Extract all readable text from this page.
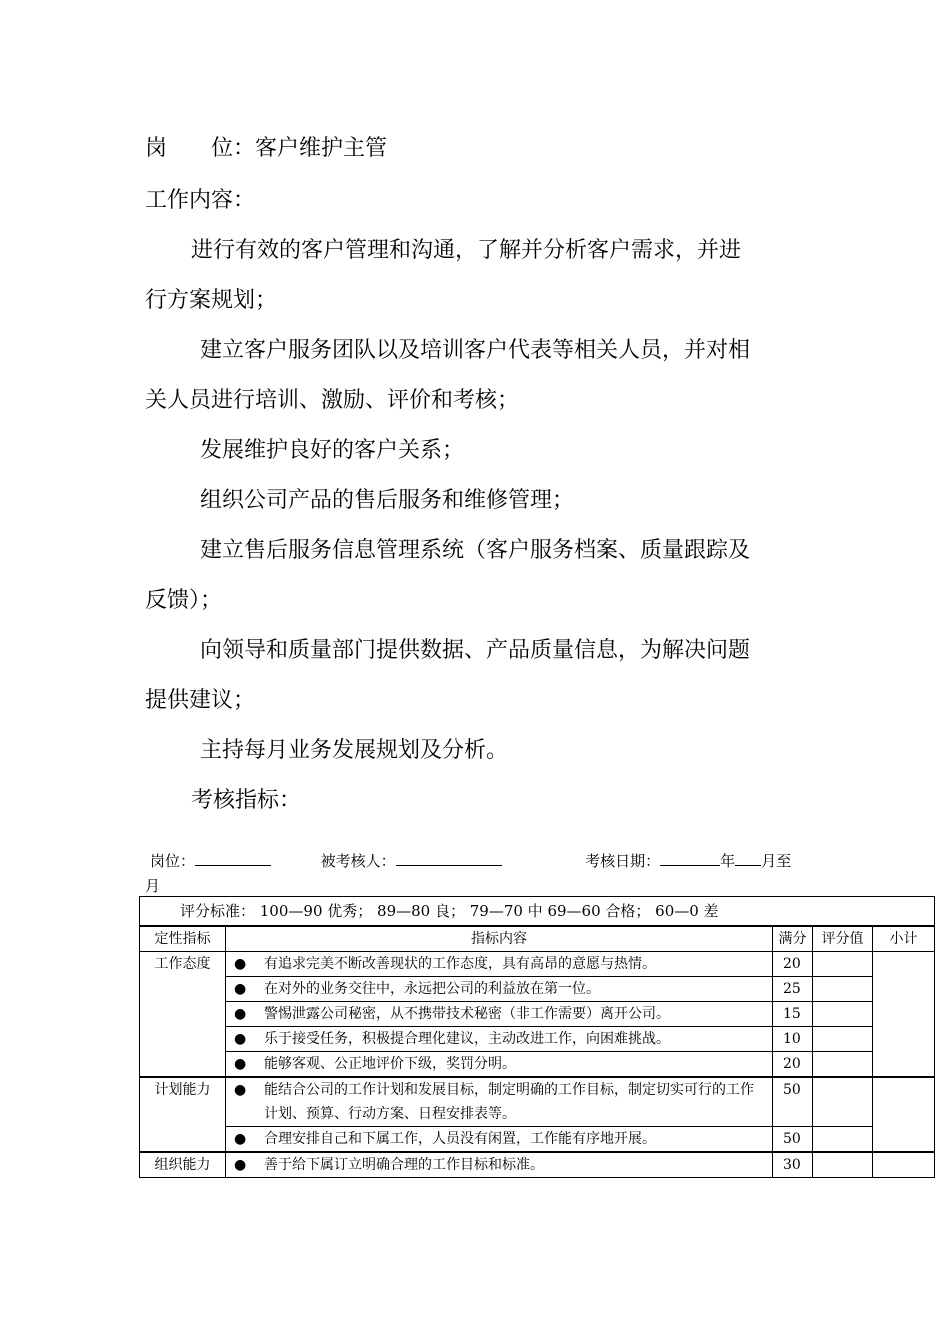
岗 位：客户维护主管
工作内容：
进行有效的客户管理和沟通，了解并分析客户需求，并进
行方案规划；
建立客户服务团队以及培训客户代表等相关人员，并对相
关人员进行培训、激励、评价和考核；
发展维护良好的客户关系；
组织公司产品的售后服务和维修管理；
建立售后服务信息管理系统（客户服务档案、质量跟踪及
反馈）；
向领导和质量部门提供数据、产品质量信息，为解决问题
提供建议；
主持每月业务发展规划及分析。
考核指标：
岗位：	被考核人：	考核日期：	年 月至
月
评分标准： 100—90 优秀； 89—80 良； 79—70 中 69—60 合格； 60—0 差				
定性指标	指标内容	满分	评分值	小计
工作态度	● 有追求完美不断改善现状的工作态度，具有高昂的意愿与热情。	20		
	● 在对外的业务交往中，永远把公司的利益放在第一位。	25		
	● 警惕泄露公司秘密，从不携带技术秘密（非工作需要）离开公司。	15		
	● 乐于接受任务，积极提合理化建议，主动改进工作，向困难挑战。	10		
	● 能够客观、公正地评价下级，奖罚分明。	20		
计划能力	● 能结合公司的工作计划和发展目标，制定明确的工作目标，制定切实可行的工作计划、预算、行动方案、日程安排表等。	50		
	● 合理安排自己和下属工作，人员没有闲置，工作能有序地开展。	50		
组织能力	● 善于给下属订立明确合理的工作目标和标准。	30		
